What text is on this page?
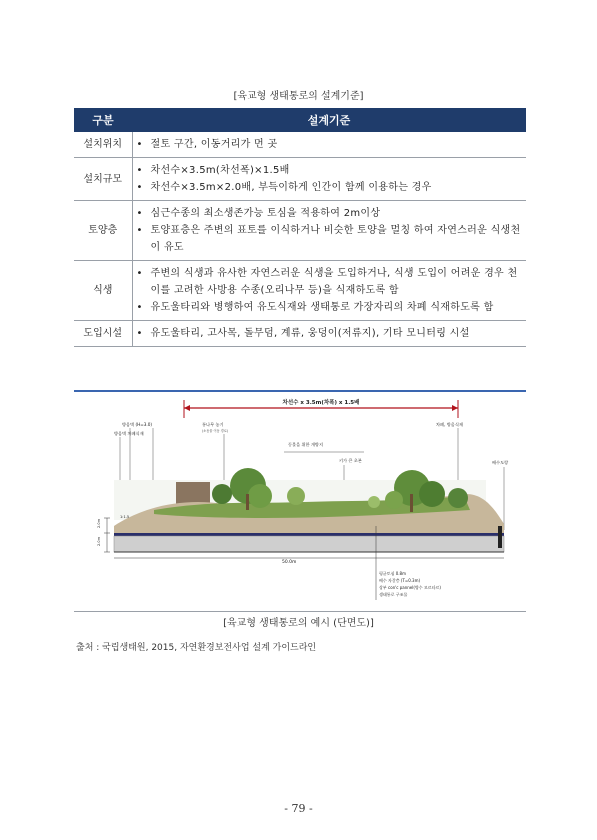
[육교형 생태통로의 설계기준]
구분	설계기준
설치위치	• 절토 구간, 이동거리가 먼 곳

설치규모	• 차선수×3.5m(차선폭)×1.5배
• 차선수×3.5m×2.0배, 부득이하게 인간이 함께 이용하는 경우

토양층	• 심근수종의 최소생존가능 토심을 적용하여 2m이상
• 토양표층은 주변의 표토를 이식하거나 비슷한 토양을 멀칭 하여 자연스러운 식생천이 유도

식생	• 주변의 식생과 유사한 자연스러운 식생을 도입하거나, 식생 도입이 어려운 경우 천이를 고려한 사방용 수종(오리나무 등)을 식재하도록 함
• 유도울타리와 병행하여 유도식재와 생태통로 가장자리의 차폐 식재하도록 함

도입시설	• 유도울타리, 고사목, 돌무덤, 계류, 웅덩이(저류지), 기타 모니터링 시설
차선수 x 3.5m(차폭) x 1.5배
방음벽 (H=3.0)
방음벽 차폐식재
통나무 놓기
(소동물 이동 경로)
동물을 위한 개방지
키가 큰 초본
차폐, 방음식재
배수도랑
2.0m
2.0m
1:1.5
50.0m
평균토심 0.8m
배수 자갈층 (T=0.3m)
상부 con'c pannel(방수 모르타르)
생태통로 구조물
[육교형 생태통로의 예시 (단면도)]
출처 : 국립생태원, 2015, 자연환경보전사업 설계 가이드라인
- 79 -
